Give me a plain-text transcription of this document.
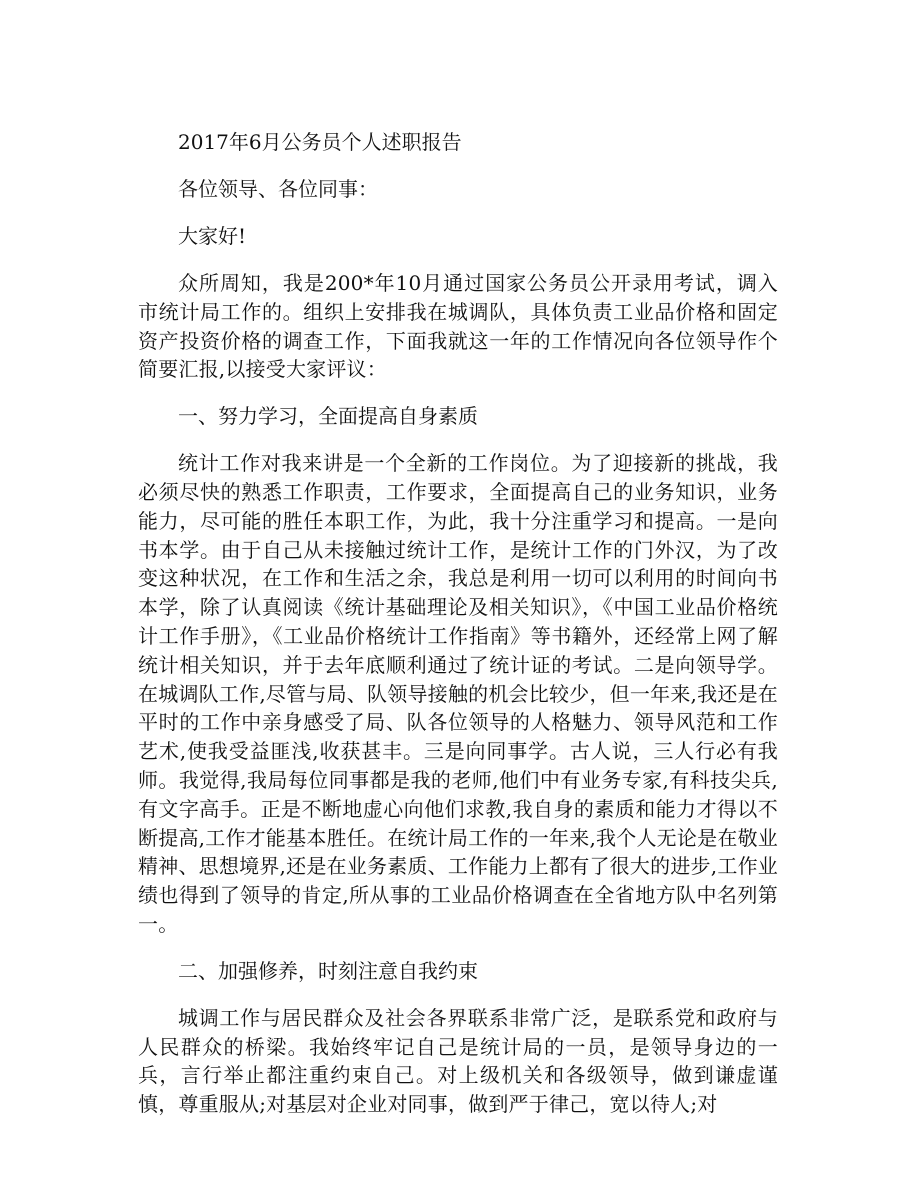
2017年6月公务员个人述职报告
各位领导、各位同事：
大家好!

众所周知，我是200*年10月通过国家公务员公开录用考试，调入市统计局工作的。组织上安排我在城调队，具体负责工业品价格和固定资产投资价格的调查工作，下面我就这一年的工作情况向各位领导作个简要汇报,以接受大家评议：

一、努力学习，全面提高自身素质

统计工作对我来讲是一个全新的工作岗位。为了迎接新的挑战，我必须尽快的熟悉工作职责，工作要求，全面提高自己的业务知识，业务能力，尽可能的胜任本职工作，为此，我十分注重学习和提高。一是向书本学。由于自己从未接触过统计工作，是统计工作的门外汉，为了改变这种状况，在工作和生活之余，我总是利用一切可以利用的时间向书本学，除了认真阅读《统计基础理论及相关知识》，《中国工业品价格统计工作手册》，《工业品价格统计工作指南》等书籍外，还经常上网了解统计相关知识，并于去年底顺利通过了统计证的考试。二是向领导学。在城调队工作,尽管与局、队领导接触的机会比较少，但一年来,我还是在平时的工作中亲身感受了局、队各位领导的人格魅力、领导风范和工作艺术,使我受益匪浅,收获甚丰。三是向同事学。古人说，三人行必有我师。我觉得,我局每位同事都是我的老师,他们中有业务专家,有科技尖兵,有文字高手。正是不断地虚心向他们求教,我自身的素质和能力才得以不断提高,工作才能基本胜任。在统计局工作的一年来,我个人无论是在敬业精神、思想境界,还是在业务素质、工作能力上都有了很大的进步,工作业绩也得到了领导的肯定,所从事的工业品价格调查在全省地方队中名列第一。

二、加强修养，时刻注意自我约束

城调工作与居民群众及社会各界联系非常广泛，是联系党和政府与人民群众的桥梁。我始终牢记自己是统计局的一员，是领导身边的一兵，言行举止都注重约束自己。对上级机关和各级领导，做到谦虚谨慎，尊重服从;对基层对企业对同事，做到严于律己，宽以待人;对
